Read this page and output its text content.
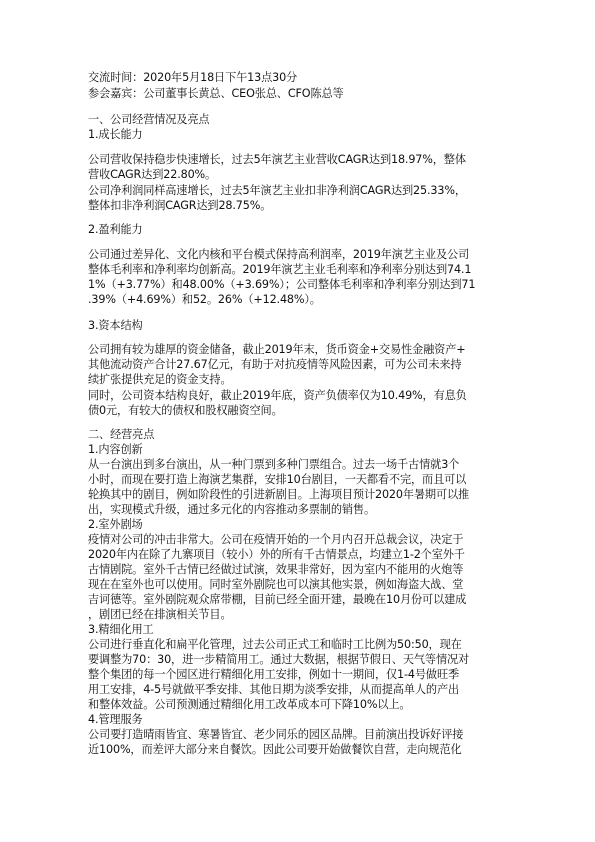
交流时间：2020年5月18日下午13点30分
参会嘉宾：公司董事长黄总、CEO张总、CFO陈总等
一、公司经营情况及亮点
1.成长能力
公司营收保持稳步快速增长，过去5年演艺主业营收CAGR达到18.97%，整体
营收CAGR达到22.80%。
公司净利润同样高速增长，过去5年演艺主业扣非净利润CAGR达到25.33%，
整体扣非净利润CAGR达到28.75%。
2.盈利能力
公司通过差异化、文化内核和平台模式保持高利润率，2019年演艺主业及公司
整体毛利率和净利率均创新高。2019年演艺主业毛利率和净利率分别达到74.1
1%（+3.77%）和48.00%（+3.69%）；公司整体毛利率和净利率分别达到71
.39%（+4.69%）和52。26%（+12.48%）。
3.资本结构
公司拥有较为雄厚的资金储备，截止2019年末，货币资金+交易性金融资产+
其他流动资产合计27.67亿元，有助于对抗疫情等风险因素，可为公司未来持
续扩张提供充足的资金支持。
同时，公司资本结构良好，截止2019年底，资产负债率仅为10.49%，有息负
债0元，有较大的债权和股权融资空间。
二、经营亮点
1.内容创新
从一台演出到多台演出，从一种门票到多种门票组合。过去一场千古情就3个
小时，而现在要打造上海演艺集群，安排10台剧目，一天都看不完，而且可以
轮换其中的剧目，例如阶段性的引进新剧目。上海项目预计2020年暑期可以推
出，实现模式升级，通过多元化的内容推动多票制的销售。
2.室外剧场
疫情对公司的冲击非常大。公司在疫情开始的一个月内召开总裁会议，决定于
2020年内在除了九寨项目（较小）外的所有千古情景点，均建立1-2个室外千
古情剧院。室外千古情已经做过试演，效果非常好，因为室内不能用的火炮等
现在在室外也可以使用。同时室外剧院也可以演其他实景，例如海盗大战、堂
吉诃德等。室外剧院观众席带棚，目前已经全面开建，最晚在10月份可以建成
，剧团已经在排演相关节目。
3.精细化用工
公司进行垂直化和扁平化管理，过去公司正式工和临时工比例为50:50，现在
要调整为70：30，进一步精简用工。通过大数据，根据节假日、天气等情况对
整个集团的每一个园区进行精细化用工安排，例如十一期间，仅1-4号做旺季
用工安排，4-5号就做平季安排、其他日期为淡季安排，从而提高单人的产出
和整体效益。公司预测通过精细化用工改革成本可下降10%以上。
4.管理服务
公司要打造晴雨皆宜、寒暑皆宜、老少同乐的园区品牌。目前演出投诉好评接
近100%，而差评大部分来自餐饮。因此公司要开始做餐饮自营，走向规范化
